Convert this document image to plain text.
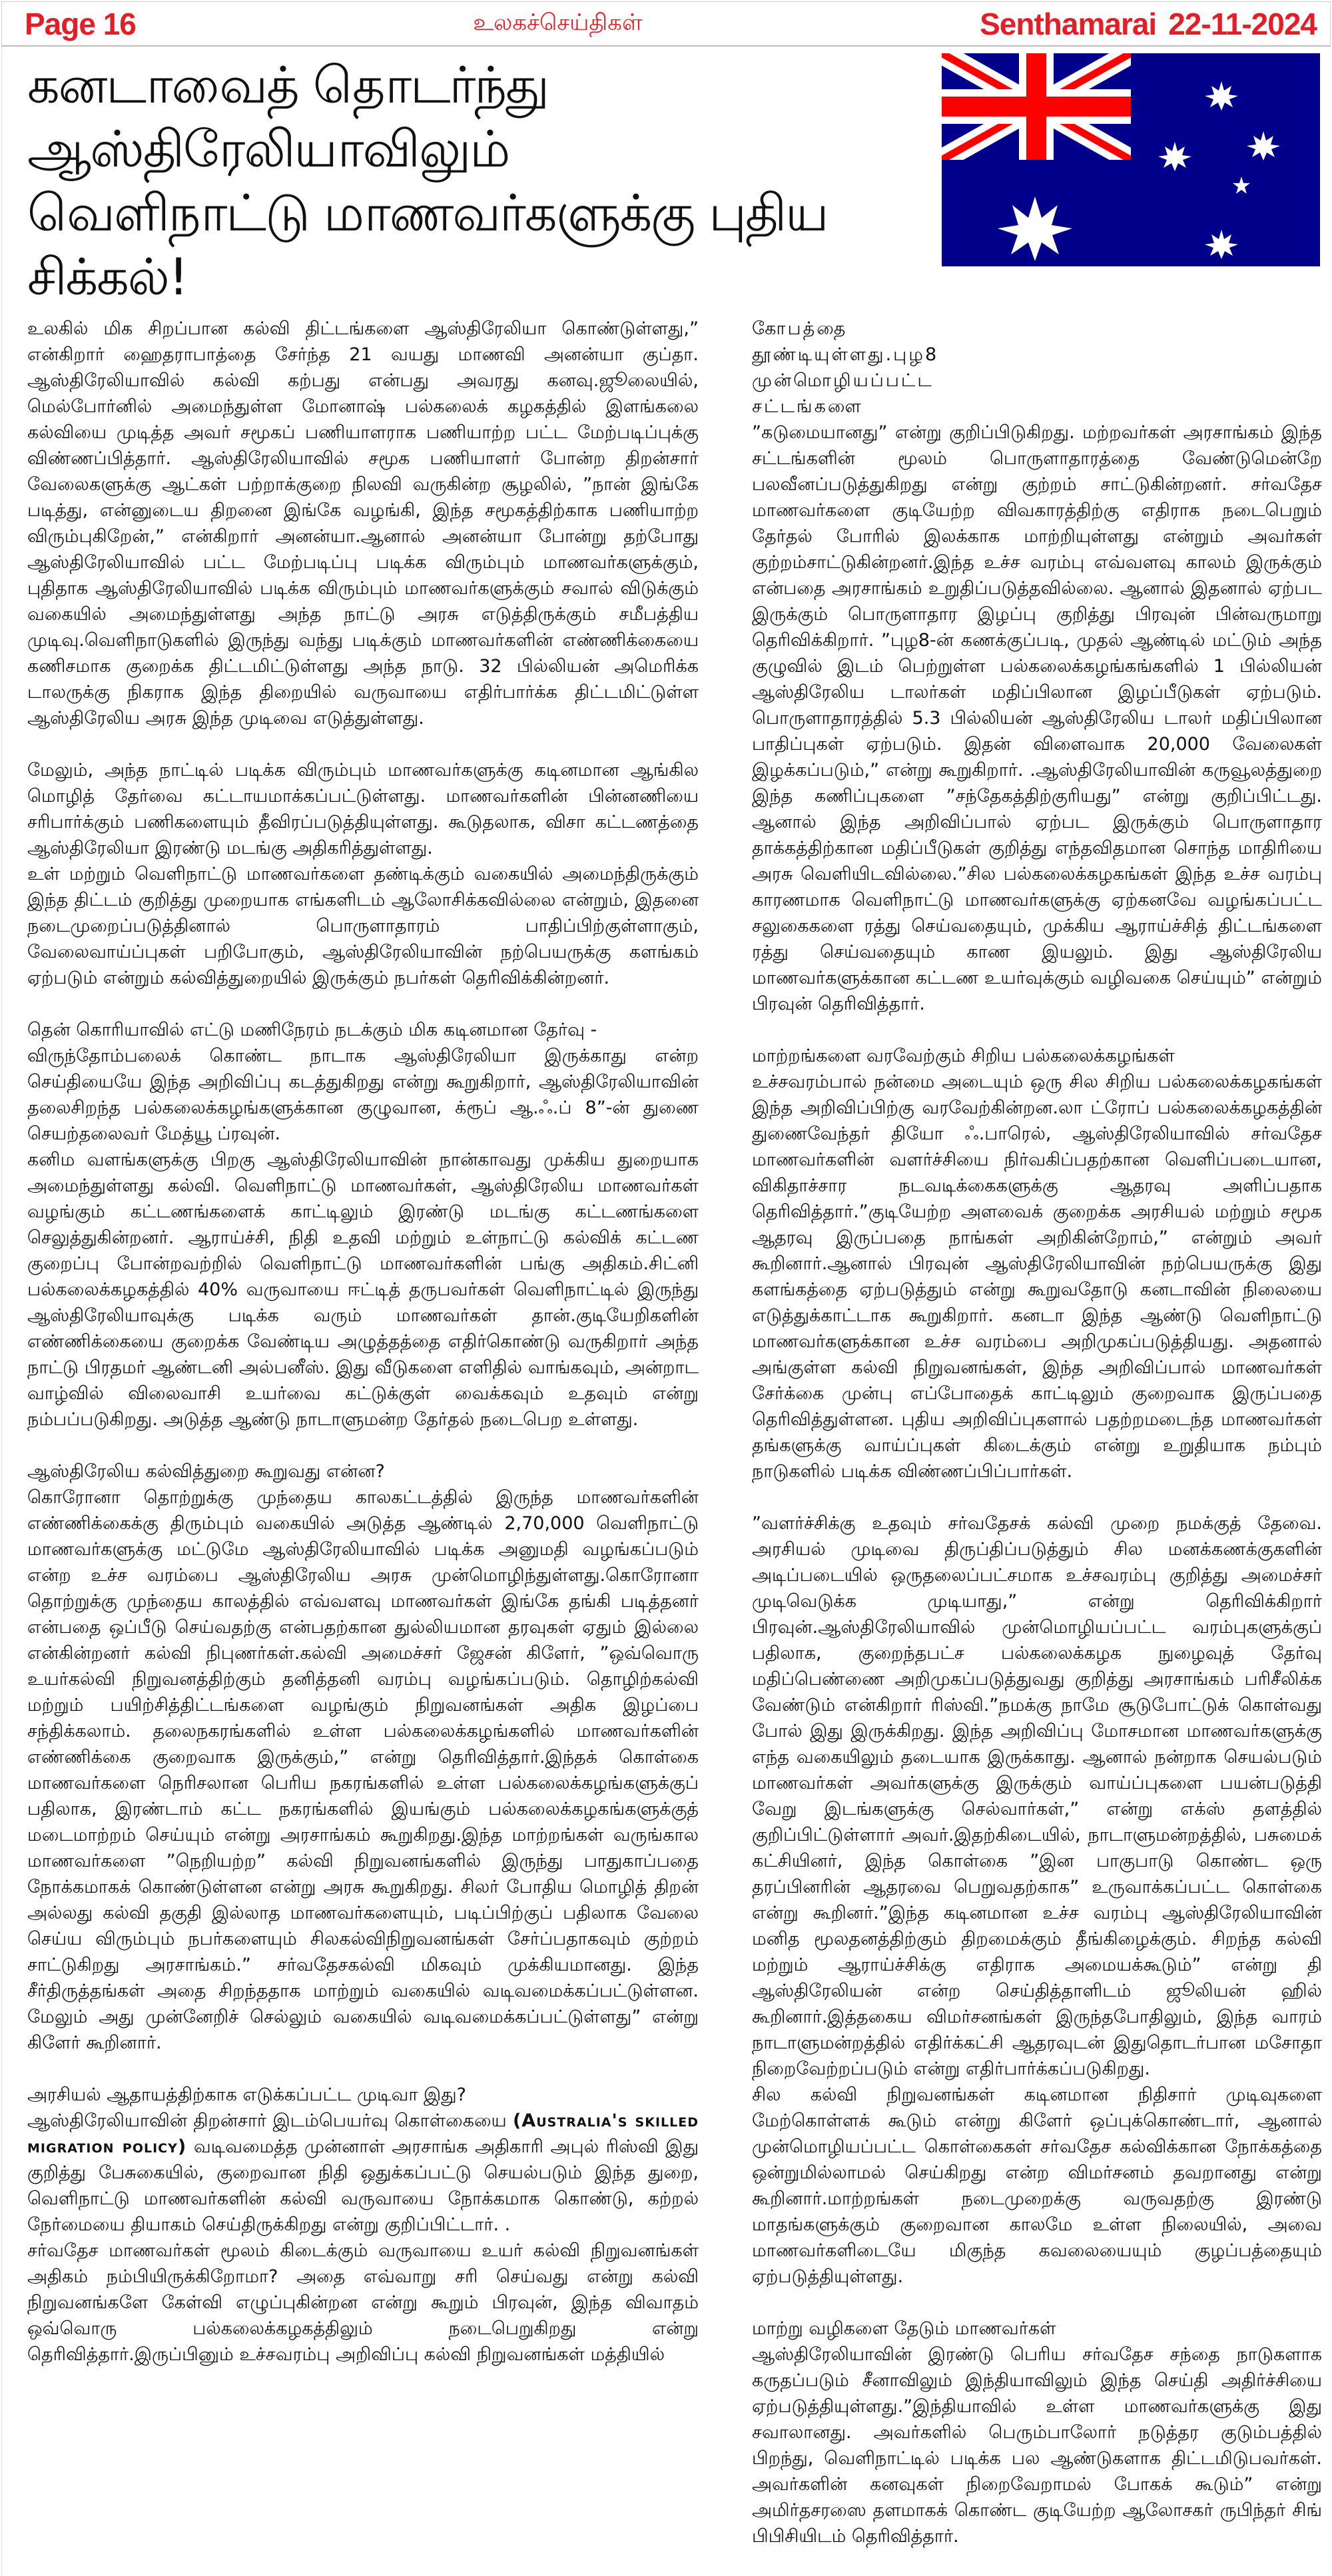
Page 16	உலகச்செய்திகள்	Senthamarai 22-11-2024
கனடாவைத் தொடர்ந்து ஆஸ்திரேலியாவிலும்
வெளிநாட்டு மாணவர்களுக்கு புதிய சிக்கல்!

உலகில் மிக சிறப்பான கல்வி திட்டங்களை ஆஸ்திரேலியா கொண்டுள்ளது,” என்கிறார் ஹைதராபாத்தை சேர்ந்த 21 வயது மாணவி அனன்யா குப்தா. ஆஸ்திரேலியாவில் கல்வி கற்பது என்பது அவரது கனவு.ஜூலையில், மெல்போர்னில் அமைந்துள்ள மோனாஷ் பல்கலைக் கழகத்தில் இளங்கலை கல்வியை முடித்த அவர் சமூகப் பணியாளராக பணியாற்ற பட்ட மேற்படிப்புக்கு விண்ணப்பித்தார். ஆஸ்திரேலியாவில் சமூக பணியாளர் போன்ற திறன்சார் வேலைகளுக்கு ஆட்கள் பற்றாக்குறை நிலவி வருகின்ற சூழலில், ”நான் இங்கே படித்து, என்னுடைய திறனை இங்கே வழங்கி, இந்த சமூகத்திற்காக பணியாற்ற விரும்புகிறேன்,” என்கிறார் அனன்யா.ஆனால் அனன்யா போன்று தற்போது ஆஸ்திரேலியாவில் பட்ட மேற்படிப்பு படிக்க விரும்பும் மாணவர்களுக்கும், புதிதாக ஆஸ்திரேலியாவில் படிக்க விரும்பும் மாணவர்களுக்கும் சவால் விடுக்கும் வகையில் அமைந்துள்ளது அந்த நாட்டு அரசு எடுத்திருக்கும் சமீபத்திய முடிவு.வெளிநாடுகளில் இருந்து வந்து படிக்கும் மாணவர்களின் எண்ணிக்கையை கணிசமாக குறைக்க திட்டமிட்டுள்ளது அந்த நாடு. 32 பில்லியன் அமெரிக்க டாலருக்கு நிகராக இந்த திறையில் வருவாயை எதிர்பார்க்க திட்டமிட்டுள்ள ஆஸ்திரேலிய அரசு இந்த முடிவை எடுத்துள்ளது.

மேலும், அந்த நாட்டில் படிக்க விரும்பும் மாணவர்களுக்கு கடினமான ஆங்கில மொழித் தேர்வை கட்டாயமாக்கப்பட்டுள்ளது. மாணவர்களின் பின்னணியை சரிபார்க்கும் பணிகளையும் தீவிரப்படுத்தியுள்ளது. கூடுதலாக, விசா கட்டணத்தை ஆஸ்திரேலியா இரண்டு மடங்கு அதிகரித்துள்ளது.

உள் மற்றும் வெளிநாட்டு மாணவர்களை தண்டிக்கும் வகையில் அமைந்திருக்கும் இந்த திட்டம் குறித்து முறையாக எங்களிடம் ஆலோசிக்கவில்லை என்றும், இதனை நடைமுறைப்படுத்தினால் பொருளாதாரம் பாதிப்பிற்குள்ளாகும், வேலைவாய்ப்புகள் பறிபோகும், ஆஸ்திரேலியாவின் நற்பெயருக்கு களங்கம் ஏற்படும் என்றும் கல்வித்துறையில் இருக்கும் நபர்கள் தெரிவிக்கின்றனர்.

தென் கொரியாவில் எட்டு மணிநேரம் நடக்கும் மிக கடினமான தேர்வு -

விருந்தோம்பலைக் கொண்ட நாடாக ஆஸ்திரேலியா இருக்காது என்ற செய்தியையே இந்த அறிவிப்பு கடத்துகிறது என்று கூறுகிறார், ஆஸ்திரேலியாவின் தலைசிறந்த பல்கலைக்கழங்களுக்கான குழுவான, க்ரூப் ஆ.ஃ.ப் 8”-ன் துணை செயற்தலைவர் மேத்யூ ப்ரவுன்.

கனிம வளங்களுக்கு பிறகு ஆஸ்திரேலியாவின் நான்காவது முக்கிய துறையாக அமைந்துள்ளது கல்வி. வெளிநாட்டு மாணவர்கள், ஆஸ்திரேலிய மாணவர்கள் வழங்கும் கட்டணங்களைக் காட்டிலும் இரண்டு மடங்கு கட்டணங்களை செலுத்துகின்றனர். ஆராய்ச்சி, நிதி உதவி மற்றும் உள்நாட்டு கல்விக் கட்டண குறைப்பு போன்றவற்றில் வெளிநாட்டு மாணவர்களின் பங்கு அதிகம்.சிட்னி பல்கலைக்கழகத்தில் 40% வருவாயை ஈட்டித் தருபவர்கள் வெளிநாட்டில் இருந்து ஆஸ்திரேலியாவுக்கு படிக்க வரும் மாணவர்கள் தான்.குடியேறிகளின் எண்ணிக்கையை குறைக்க வேண்டிய அழுத்தத்தை எதிர்கொண்டு வருகிறார் அந்த நாட்டு பிரதமர் ஆண்டனி அல்பனீஸ். இது வீடுகளை எளிதில் வாங்கவும், அன்றாட வாழ்வில் விலைவாசி உயர்வை கட்டுக்குள் வைக்கவும் உதவும் என்று நம்பப்படுகிறது. அடுத்த ஆண்டு நாடாளுமன்ற தேர்தல் நடைபெற உள்ளது.

ஆஸ்திரேலிய கல்வித்துறை கூறுவது என்ன?

கொரோனா தொற்றுக்கு முந்தைய காலகட்டத்தில் இருந்த மாணவர்களின் எண்ணிக்கைக்கு திரும்பும் வகையில் அடுத்த ஆண்டில் 2,70,000 வெளிநாட்டு மாணவர்களுக்கு மட்டுமே ஆஸ்திரேலியாவில் படிக்க அனுமதி வழங்கப்படும் என்ற உச்ச வரம்பை ஆஸ்திரேலிய அரசு முன்மொழிந்துள்ளது.கொரோனா தொற்றுக்கு முந்தைய காலத்தில் எவ்வளவு மாணவர்கள் இங்கே தங்கி படித்தனர் என்பதை ஒப்பீடு செய்வதற்கு என்பதற்கான துல்லியமான தரவுகள் ஏதும் இல்லை என்கின்றனர் கல்வி நிபுணர்கள்.கல்வி அமைச்சர் ஜேசன் கிளேர், ”ஒவ்வொரு உயர்கல்வி நிறுவனத்திற்கும் தனித்தனி வரம்பு வழங்கப்படும். தொழிற்கல்வி மற்றும் பயிற்சித்திட்டங்களை வழங்கும் நிறுவனங்கள் அதிக இழப்பை சந்திக்கலாம். தலைநகரங்களில் உள்ள பல்கலைக்கழங்களில் மாணவர்களின் எண்ணிக்கை குறைவாக இருக்கும்,” என்று தெரிவித்தார்.இந்தக் கொள்கை மாணவர்களை நெரிசலான பெரிய நகரங்களில் உள்ள பல்கலைக்கழங்களுக்குப் பதிலாக, இரண்டாம் கட்ட நகரங்களில் இயங்கும் பல்கலைக்கழகங்களுக்குத் மடைமாற்றம் செய்யும் என்று அரசாங்கம் கூறுகிறது.இந்த மாற்றங்கள் வருங்கால மாணவர்களை ”நெறியற்ற” கல்வி நிறுவனங்களில் இருந்து பாதுகாப்பதை நோக்கமாகக் கொண்டுள்ளன என்று அரசு கூறுகிறது. சிலர் போதிய மொழித் திறன் அல்லது கல்வி தகுதி இல்லாத மாணவர்களையும், படிப்பிற்குப் பதிலாக வேலை செய்ய விரும்பும் நபர்களையும் சிலகல்விநிறுவனங்கள் சேர்ப்பதாகவும் குற்றம் சாட்டுகிறது அரசாங்கம்.” சர்வதேசகல்வி மிகவும் முக்கியமானது. இந்த சீர்திருத்தங்கள் அதை சிறந்ததாக மாற்றும் வகையில் வடிவமைக்கப்பட்டுள்ளன. மேலும் அது முன்னேறிச் செல்லும் வகையில் வடிவமைக்கப்பட்டுள்ளது” என்று கிளேர் கூறினார்.

அரசியல் ஆதாயத்திற்காக எடுக்கப்பட்ட முடிவா இது?

ஆஸ்திரேலியாவின் திறன்சார் இடம்பெயர்வு கொள்கையை (Australia's skilled migration policy) வடிவமைத்த முன்னாள் அரசாங்க அதிகாரி அபுல் ரிஸ்வி இது குறித்து பேசுகையில், குறைவான நிதி ஒதுக்கப்பட்டு செயல்படும் இந்த துறை, வெளிநாட்டு மாணவர்களின் கல்வி வருவாயை நோக்கமாக கொண்டு, கற்றல் நேர்மையை தியாகம் செய்திருக்கிறது என்று குறிப்பிட்டார். .

சர்வதேச மாணவர்கள் மூலம் கிடைக்கும் வருவாயை உயர் கல்வி நிறுவனங்கள் அதிகம் நம்பியிருக்கிறோமா? அதை எவ்வாறு சரி செய்வது என்று கல்வி நிறுவனங்களே கேள்வி எழுப்புகின்றன என்று கூறும் பிரவுன், இந்த விவாதம் ஒவ்வொரு பல்கலைக்கழகத்திலும் நடைபெறுகிறது என்று தெரிவித்தார்.இருப்பினும் உச்சவரம்பு அறிவிப்பு கல்வி நிறுவனங்கள் மத்தியில்

கோபத்தை தூண்டியுள்ளது.புழ8 முன்மொழியப்பட்ட சட்டங்களை

”கடுமையானது” என்று குறிப்பிடுகிறது. மற்றவர்கள் அரசாங்கம் இந்த சட்டங்களின் மூலம் பொருளாதாரத்தை வேண்டுமென்றே பலவீனப்படுத்துகிறது என்று குற்றம் சாட்டுகின்றனர். சர்வதேச மாணவர்களை குடியேற்ற விவகாரத்திற்கு எதிராக நடைபெறும் தேர்தல் போரில் இலக்காக மாற்றியுள்ளது என்றும் அவர்கள் குற்றம்சாட்டுகின்றனர்.இந்த உச்ச வரம்பு எவ்வளவு காலம் இருக்கும் என்பதை அரசாங்கம் உறுதிப்படுத்தவில்லை. ஆனால் இதனால் ஏற்பட இருக்கும் பொருளாதார இழப்பு குறித்து பிரவுன் பின்வருமாறு தெரிவிக்கிறார். ”புழ8-ன் கணக்குப்படி, முதல் ஆண்டில் மட்டும் அந்த குழுவில் இடம் பெற்றுள்ள பல்கலைக்கழங்கங்களில் 1 பில்லியன் ஆஸ்திரேலிய டாலர்கள் மதிப்பிலான இழப்பீடுகள் ஏற்படும். பொருளாதாரத்தில் 5.3 பில்லியன் ஆஸ்திரேலிய டாலர் மதிப்பிலான பாதிப்புகள் ஏற்படும். இதன் விளைவாக 20,000 வேலைகள் இழக்கப்படும்,” என்று கூறுகிறார். .ஆஸ்திரேலியாவின் கருவூலத்துறை இந்த கணிப்புகளை ”சந்தேகத்திற்குரியது” என்று குறிப்பிட்டது. ஆனால் இந்த அறிவிப்பால் ஏற்பட இருக்கும் பொருளாதார தாக்கத்திற்கான மதிப்பீடுகள் குறித்து எந்தவிதமான சொந்த மாதிரியை அரசு வெளியிடவில்லை.”சில பல்கலைக்கழகங்கள் இந்த உச்ச வரம்பு காரணமாக வெளிநாட்டு மாணவர்களுக்கு ஏற்கனவே வழங்கப்பட்ட சலுகைகளை ரத்து செய்வதையும், முக்கிய ஆராய்ச்சித் திட்டங்களை ரத்து செய்வதையும் காண இயலும். இது ஆஸ்திரேலிய மாணவர்களுக்கான கட்டண உயர்வுக்கும் வழிவகை செய்யும்” என்றும் பிரவுன் தெரிவித்தார்.

மாற்றங்களை வரவேற்கும் சிறிய பல்கலைக்கழங்கள்

உச்சவரம்பால் நன்மை அடையும் ஒரு சில சிறிய பல்கலைக்கழகங்கள் இந்த அறிவிப்பிற்கு வரவேற்கின்றன.லா ட்ரோப் பல்கலைக்கழகத்தின் துணைவேந்தர் தியோ ஃ.பாரெல், ஆஸ்திரேலியாவில் சர்வதேச மாணவர்களின் வளர்ச்சியை நிர்வகிப்பதற்கான வெளிப்படையான, விகிதாச்சார நடவடிக்கைகளுக்கு ஆதரவு அளிப்பதாக தெரிவித்தார்.”குடியேற்ற அளவைக் குறைக்க அரசியல் மற்றும் சமூக ஆதரவு இருப்பதை நாங்கள் அறிகின்றோம்,” என்றும் அவர் கூறினார்.ஆனால் பிரவுன் ஆஸ்திரேலியாவின் நற்பெயருக்கு இது களங்கத்தை ஏற்படுத்தும் என்று கூறுவதோடு கனடாவின் நிலையை எடுத்துக்காட்டாக கூறுகிறார். கனடா இந்த ஆண்டு வெளிநாட்டு மாணவர்களுக்கான உச்ச வரம்பை அறிமுகப்படுத்தியது. அதனால் அங்குள்ள கல்வி நிறுவனங்கள், இந்த அறிவிப்பால் மாணவர்கள் சேர்க்கை முன்பு எப்போதைக் காட்டிலும் குறைவாக இருப்பதை தெரிவித்துள்ளன. புதிய அறிவிப்புகளால் பதற்றமடைந்த மாணவர்கள் தங்களுக்கு வாய்ப்புகள் கிடைக்கும் என்று உறுதியாக நம்பும் நாடுகளில் படிக்க விண்ணப்பிப்பார்கள்.

”வளர்ச்சிக்கு உதவும் சர்வதேசக் கல்வி முறை நமக்குத் தேவை. அரசியல் முடிவை திருப்திப்படுத்தும் சில மனக்கணக்குகளின் அடிப்படையில் ஒருதலைப்பட்சமாக உச்சவரம்பு குறித்து அமைச்சர் முடிவெடுக்க முடியாது,” என்று தெரிவிக்கிறார் பிரவுன்.ஆஸ்திரேலியாவில் முன்மொழியப்பட்ட வரம்புகளுக்குப் பதிலாக, குறைந்தபட்ச பல்கலைக்கழக நுழைவுத் தேர்வு மதிப்பெண்ணை அறிமுகப்படுத்துவது குறித்து அரசாங்கம் பரிசீலிக்க வேண்டும் என்கிறார் ரிஸ்வி.”நமக்கு நாமே சூடுபோட்டுக் கொள்வது போல் இது இருக்கிறது. இந்த அறிவிப்பு மோசமான மாணவர்களுக்கு எந்த வகையிலும் தடையாக இருக்காது. ஆனால் நன்றாக செயல்படும் மாணவர்கள் அவர்களுக்கு இருக்கும் வாய்ப்புகளை பயன்படுத்தி வேறு இடங்களுக்கு செல்வார்கள்,” என்று எக்ஸ் தளத்தில் குறிப்பிட்டுள்ளார் அவர்.இதற்கிடையில், நாடாளுமன்றத்தில், பசுமைக் கட்சியினர், இந்த கொள்கை ”இன பாகுபாடு கொண்ட ஒரு தரப்பினரின் ஆதரவை பெறுவதற்காக” உருவாக்கப்பட்ட கொள்கை என்று கூறினர்.”இந்த கடினமான உச்ச வரம்பு ஆஸ்திரேலியாவின் மனித மூலதனத்திற்கும் திறமைக்கும் தீங்கிழைக்கும். சிறந்த கல்வி மற்றும் ஆராய்ச்சிக்கு எதிராக அமையக்கூடும்” என்று தி ஆஸ்திரேலியன் என்ற செய்தித்தாளிடம் ஜூலியன் ஹில் கூறினார்.இத்தகைய விமர்சனங்கள் இருந்தபோதிலும், இந்த வாரம் நாடாளுமன்றத்தில் எதிர்க்கட்சி ஆதரவுடன் இதுதொடர்பான மசோதா நிறைவேற்றப்படும் என்று எதிர்பார்க்கப்படுகிறது.

சில கல்வி நிறுவனங்கள் கடினமான நிதிசார் முடிவுகளை மேற்கொள்ளக் கூடும் என்று கிளேர் ஒப்புக்கொண்டார், ஆனால் முன்மொழியப்பட்ட கொள்கைகள் சர்வதேச கல்விக்கான நோக்கத்தை ஒன்றுமில்லாமல் செய்கிறது என்ற விமர்சனம் தவறானது என்று கூறினார்.மாற்றங்கள் நடைமுறைக்கு வருவதற்கு இரண்டு மாதங்களுக்கும் குறைவான காலமே உள்ள நிலையில், அவை மாணவர்களிடையே மிகுந்த கவலையையும் குழப்பத்தையும் ஏற்படுத்தியுள்ளது.

மாற்று வழிகளை தேடும் மாணவர்கள்

ஆஸ்திரேலியாவின் இரண்டு பெரிய சர்வதேச சந்தை நாடுகளாக கருதப்படும் சீனாவிலும் இந்தியாவிலும் இந்த செய்தி அதிர்ச்சியை ஏற்படுத்தியுள்ளது.”இந்தியாவில் உள்ள மாணவர்களுக்கு இது சவாலானது. அவர்களில் பெரும்பாலோர் நடுத்தர குடும்பத்தில் பிறந்து, வெளிநாட்டில் படிக்க பல ஆண்டுகளாக திட்டமிடுபவர்கள். அவர்களின் கனவுகள் நிறைவேறாமல் போகக் கூடும்” என்று அமிர்தசரஸை தளமாகக் கொண்ட குடியேற்ற ஆலோசகர் ருபிந்தர் சிங் பிபிசியிடம் தெரிவித்தார்.
